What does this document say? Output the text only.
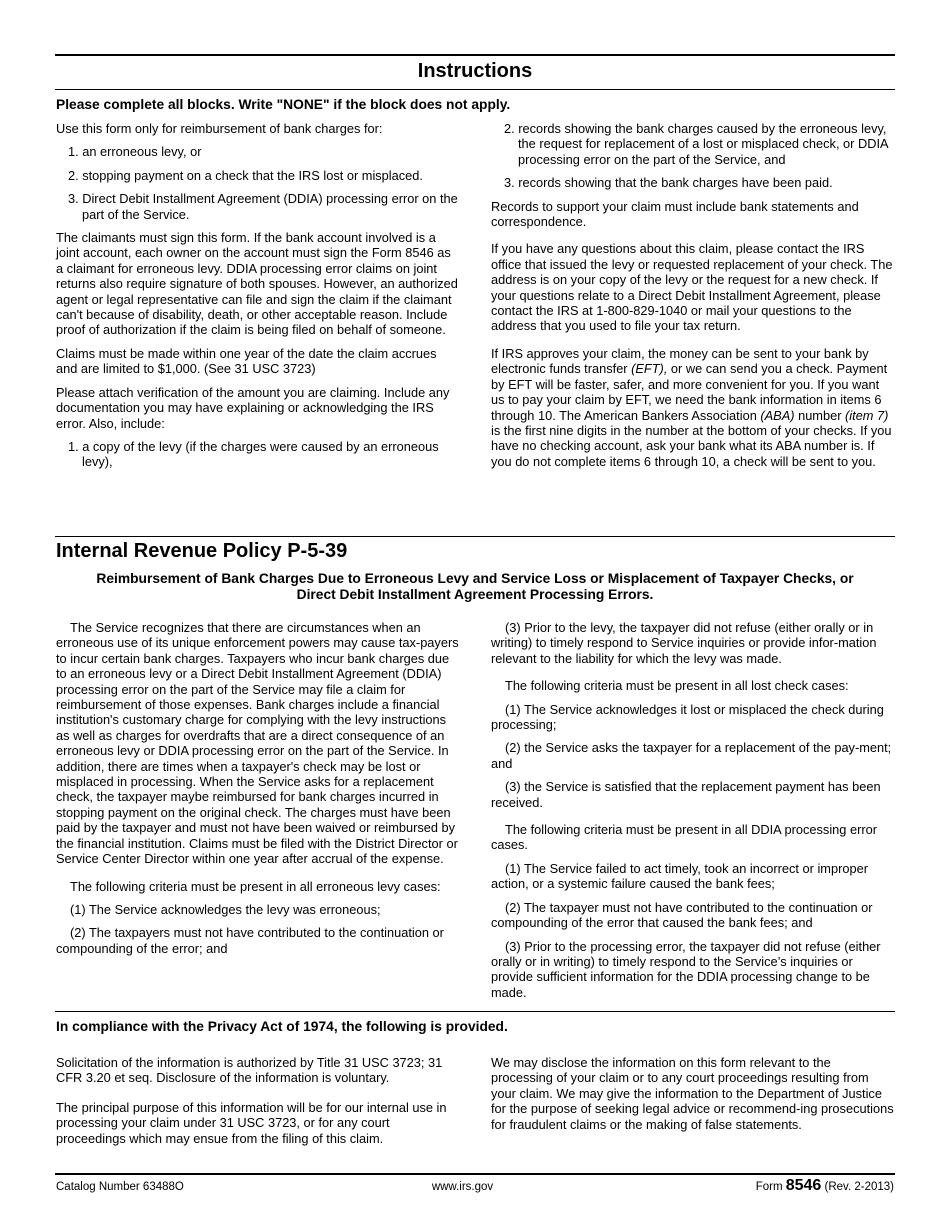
Instructions
Please complete all blocks. Write "NONE" if the block does not apply.

Use this form only for reimbursement of bank charges for:

1. an erroneous levy, or

2. stopping payment on a check that the IRS lost or misplaced.

3. Direct Debit Installment Agreement (DDIA) processing error on the part of the Service.

The claimants must sign this form. If the bank account involved is a joint account, each owner on the account must sign the Form 8546 as a claimant for erroneous levy. DDIA processing error claims on joint returns also require signature of both spouses. However, an authorized agent or legal representative can file and sign the claim if the claimant can't because of disability, death, or other acceptable reason. Include proof of authorization if the claim is being filed on behalf of someone.

Claims must be made within one year of the date the claim accrues and are limited to $1,000. (See 31 USC 3723)

Please attach verification of the amount you are claiming. Include any documentation you may have explaining or acknowledging the IRS error. Also, include:

1. a copy of the levy (if the charges were caused by an erroneous levy),

2. records showing the bank charges caused by the erroneous levy, the request for replacement of a lost or misplaced check, or DDIA processing error on the part of the Service, and

3. records showing that the bank charges have been paid.

Records to support your claim must include bank statements and correspondence.

If you have any questions about this claim, please contact the IRS office that issued the levy or requested replacement of your check. The address is on your copy of the levy or the request for a new check. If your questions relate to a Direct Debit Installment Agreement, please contact the IRS at 1-800-829-1040 or mail your questions to the address that you used to file your tax return.

If IRS approves your claim, the money can be sent to your bank by electronic funds transfer (EFT), or we can send you a check. Payment by EFT will be faster, safer, and more convenient for you. If you want us to pay your claim by EFT, we need the bank information in items 6 through 10. The American Bankers Association (ABA) number (item 7) is the first nine digits in the number at the bottom of your checks. If you have no checking account, ask your bank what its ABA number is. If you do not complete items 6 through 10, a check will be sent to you.

Internal Revenue Policy P-5-39
Reimbursement of Bank Charges Due to Erroneous Levy and Service Loss or Misplacement of Taxpayer Checks, or Direct Debit Installment Agreement Processing Errors.

The Service recognizes that there are circumstances when an erroneous use of its unique enforcement powers may cause tax-payers to incur certain bank charges. Taxpayers who incur bank charges due to an erroneous levy or a Direct Debit Installment Agreement (DDIA) processing error on the part of the Service may file a claim for reimbursement of those expenses. Bank charges include a financial institution's customary charge for complying with the levy instructions as well as charges for overdrafts that are a direct consequence of an erroneous levy or DDIA processing error on the part of the Service. In addition, there are times when a taxpayer's check may be lost or misplaced in processing. When the Service asks for a replacement check, the taxpayer maybe reimbursed for bank charges incurred in stopping payment on the original check. The charges must have been paid by the taxpayer and must not have been waived or reimbursed by the financial institution. Claims must be filed with the District Director or Service Center Director within one year after accrual of the expense.

The following criteria must be present in all erroneous levy cases:

(1) The Service acknowledges the levy was erroneous;

(2) The taxpayers must not have contributed to the continuation or compounding of the error; and

(3) Prior to the levy, the taxpayer did not refuse (either orally or in writing) to timely respond to Service inquiries or provide infor-mation relevant to the liability for which the levy was made.

The following criteria must be present in all lost check cases:

(1) The Service acknowledges it lost or misplaced the check during processing;

(2) the Service asks the taxpayer for a replacement of the pay-ment; and

(3) the Service is satisfied that the replacement payment has been received.

The following criteria must be present in all DDIA processing error cases.

(1) The Service failed to act timely, took an incorrect or improper action, or a systemic failure caused the bank fees;

(2) The taxpayer must not have contributed to the continuation or compounding of the error that caused the bank fees; and

(3) Prior to the processing error, the taxpayer did not refuse (either orally or in writing) to timely respond to the Service’s inquiries or provide sufficient information for the DDIA processing change to be made.

In compliance with the Privacy Act of 1974, the following is provided.

Solicitation of the information is authorized by Title 31 USC 3723; 31 CFR 3.20 et seq. Disclosure of the information is voluntary.

The principal purpose of this information will be for our internal use in processing your claim under 31 USC 3723, or for any court proceedings which may ensue from the filing of this claim.

We may disclose the information on this form relevant to the processing of your claim or to any court proceedings resulting from your claim. We may give the information to the Department of Justice for the purpose of seeking legal advice or recommend-ing prosecutions for fraudulent claims or the making of false statements.

Catalog Number 63488O	www.irs.gov	Form 8546 (Rev. 2-2013)
